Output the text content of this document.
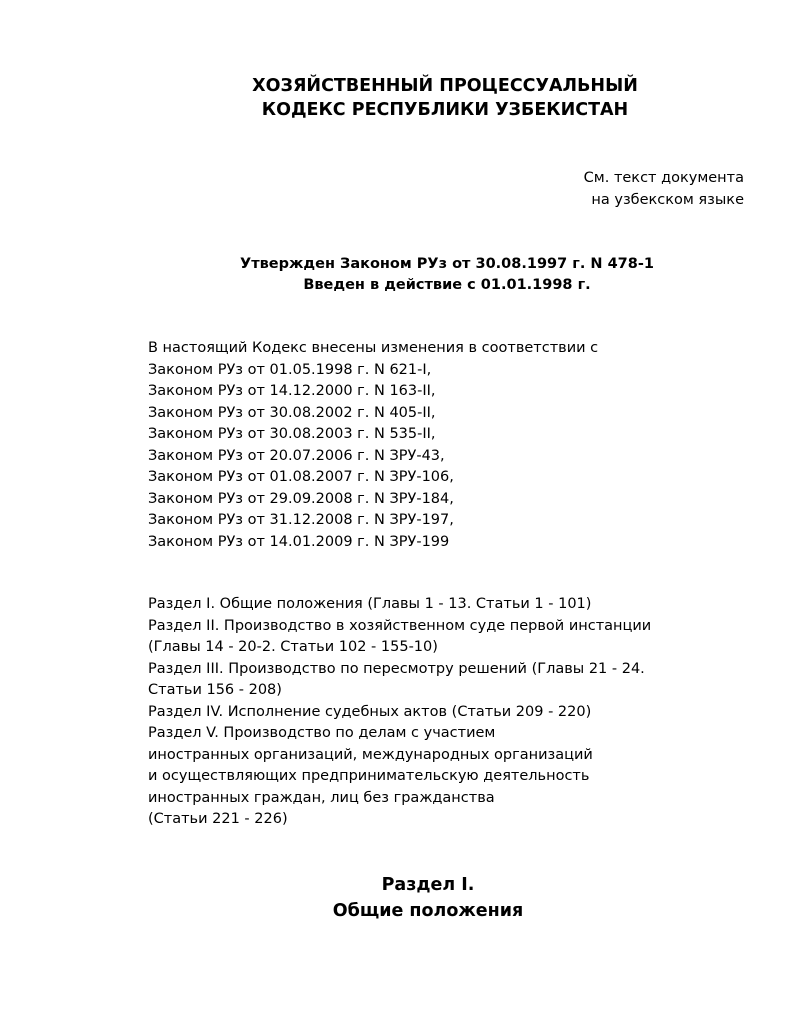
ХОЗЯЙСТВЕННЫЙ ПРОЦЕССУАЛЬНЫЙ
КОДЕКС РЕСПУБЛИКИ УЗБЕКИСТАН
См. текст документа
на узбекском языке
Утвержден Законом РУз от 30.08.1997 г. N 478-1
Введен в действие с 01.01.1998 г.
В настоящий Кодекс внесены изменения в соответствии с
Законом РУз от 01.05.1998 г. N 621-I,
Законом РУз от 14.12.2000 г. N 163-II,
Законом РУз от 30.08.2002 г. N 405-II,
Законом РУз от 30.08.2003 г. N 535-II,
Законом РУз от 20.07.2006 г. N ЗРУ-43,
Законом РУз от 01.08.2007 г. N ЗРУ-106,
Законом РУз от 29.09.2008 г. N ЗРУ-184,
Законом РУз от 31.12.2008 г. N ЗРУ-197,
Законом РУз от 14.01.2009 г. N ЗРУ-199
Раздел I. Общие положения (Главы 1 - 13. Статьи 1 - 101)
Раздел II. Производство в хозяйственном суде первой инстанции
(Главы 14 - 20-2. Статьи 102 - 155-10)
Раздел III. Производство по пересмотру решений (Главы 21 - 24.
Статьи 156 - 208)
Раздел IV. Исполнение судебных актов (Статьи 209 - 220)
Раздел V. Производство по делам с участием
иностранных организаций, международных организаций
и осуществляющих предпринимательскую деятельность
иностранных граждан, лиц без гражданства
(Статьи 221 - 226)
Раздел I.
Общие положения
